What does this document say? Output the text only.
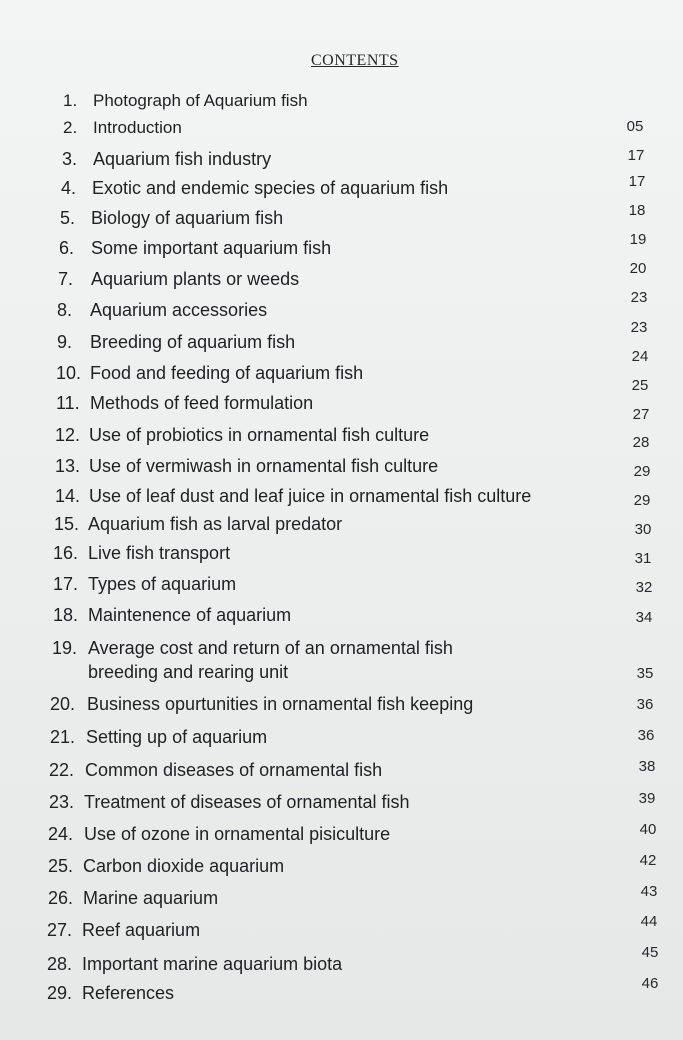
CONTENTS
1. Photograph of Aquarium fish
2. Introduction
3. Aquarium fish industry
4. Exotic and endemic species of aquarium fish
5. Biology of aquarium fish
6. Some important aquarium fish
7. Aquarium plants or weeds
8. Aquarium accessories
9. Breeding of aquarium fish
10. Food and feeding of aquarium fish
11. Methods of feed formulation
12. Use of probiotics in ornamental fish culture
13. Use of vermiwash in ornamental fish culture
14. Use of leaf dust and leaf juice in ornamental fish culture
15. Aquarium fish as larval predator
16. Live fish transport
17. Types of aquarium
18. Maintenence of aquarium
19. Average cost and return of an ornamental fish
breeding and rearing unit
20. Business opurtunities in ornamental fish keeping
21. Setting up of aquarium
22. Common diseases of ornamental fish
23. Treatment of diseases of ornamental fish
24. Use of ozone in ornamental pisiculture
25. Carbon dioxide aquarium
26. Marine aquarium
27. Reef aquarium
28. Important marine aquarium biota
29. References
05
17
17
18
19
20
23
23
24
25
27
28
29
29
30
31
32
34
35
36
36
38
39
40
42
43
44
45
46
